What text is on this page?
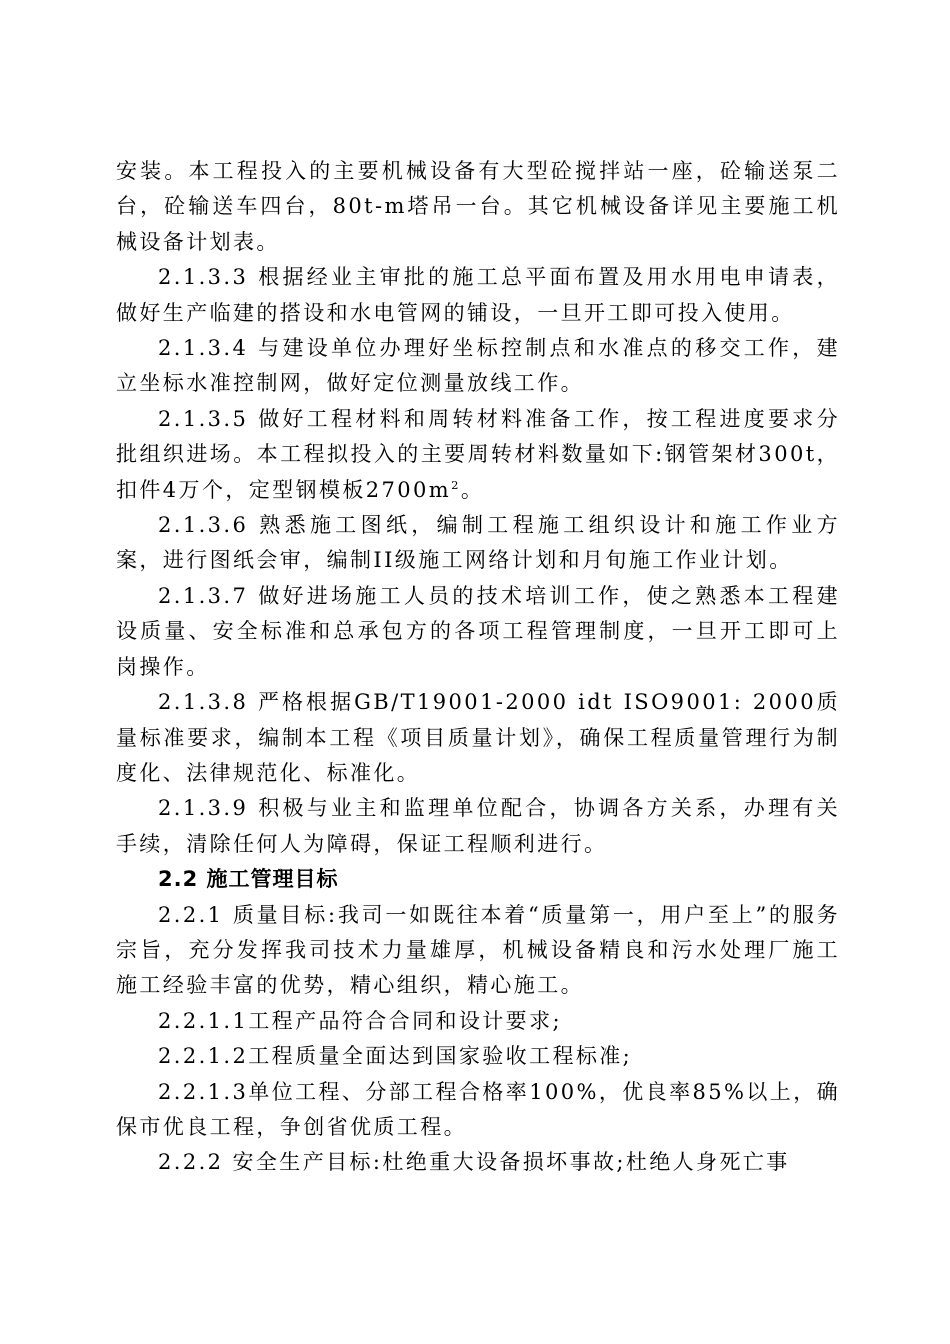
安装。本工程投入的主要机械设备有大型砼搅拌站一座，砼输送泵二台，砼输送车四台，80t-m塔吊一台。其它机械设备详见主要施工机械设备计划表。

2.1.3.3 根据经业主审批的施工总平面布置及用水用电申请表，做好生产临建的搭设和水电管网的铺设，一旦开工即可投入使用。

2.1.3.4 与建设单位办理好坐标控制点和水准点的移交工作，建立坐标水准控制网，做好定位测量放线工作。

2.1.3.5 做好工程材料和周转材料准备工作，按工程进度要求分批组织进场。本工程拟投入的主要周转材料数量如下:钢管架材300t，扣件4万个，定型钢模板$2700m^2$。

2.1.3.6 熟悉施工图纸，编制工程施工组织设计和施工作业方案，进行图纸会审，编制II级施工网络计划和月旬施工作业计划。

2.1.3.7 做好进场施工人员的技术培训工作，使之熟悉本工程建设质量、安全标准和总承包方的各项工程管理制度，一旦开工即可上岗操作。

2.1.3.8 严格根据GB/T19001-2000 idt ISO9001: 2000质量标准要求，编制本工程《项目质量计划》，确保工程质量管理行为制度化、法律规范化、标准化。

2.1.3.9 积极与业主和监理单位配合，协调各方关系，办理有关手续，清除任何人为障碍，保证工程顺利进行。

2.2 施工管理目标

2.2.1 质量目标:我司一如既往本着“质量第一，用户至上”的服务宗旨，充分发挥我司技术力量雄厚，机械设备精良和污水处理厂施工施工经验丰富的优势，精心组织，精心施工。

2.2.1.1工程产品符合合同和设计要求;

2.2.1.2工程质量全面达到国家验收工程标准;

2.2.1.3单位工程、分部工程合格率100%，优良率85%以上，确保市优良工程，争创省优质工程。

2.2.2 安全生产目标:杜绝重大设备损坏事故;杜绝人身死亡事
